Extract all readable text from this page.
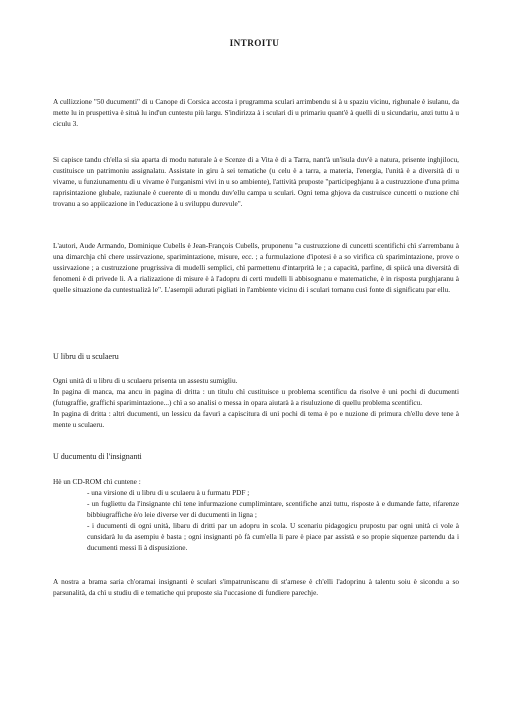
INTROITU

A cullizzione "50 ducumenti" di u Canope di Corsica accosta i prugramma sculari arrimbendu si à u spaziu vicinu, righunale è isulanu, da mette lu in pruspettiva è situà lu ind'un cuntestu più largu. S'indirizza à i sculari di u primariu quant'è à quelli di u sicundariu, anzi tuttu à u ciculu 3.

Si capisce tandu ch'ella si sia aparta di modu naturale à e Scenze di a Vita è di a Tarra, nant'à un'isula duv'è a natura, prisente inghjilocu, custituisce un patrimoniu assignalatu. Assistate in giru à sei tematiche (u celu è a tarra, a materia, l'energia, l'unità è a diversità di u vivame, u funziunamentu di u vivame è l'urganismi vivi in u so ambiente), l'attività pruposte "participeghjanu à a custruzzione d'una prima raprisintazione glubale, raziunale è cuerente di u mondu duv'ellu campa u sculari. Ogni tema ghjova da custruisce cuncetti o nuzione chì trovanu a so appiicazione in l'educazione à u sviluppu durevule".

L'autori, Aude Armando, Dominique Cubells è Jean-François Cubells, pruponenu "a custruzzione di cuncetti scentifichi chì s'arrembanu à una dimarchja chì chere ussirvazione, sparimintazione, misure, ecc. ; a furmulazione d'ipotesi è a so virifica cù sparimintazione, prove o ussirvazione ; a custruzzione prugrissiva di mudelli semplici, chì parmettenu d'intarprità le ; a capacità, parfine, di spiicà una diversità di fenomeni è di privede li. A a rializazione di misure è à l'adopru di certi mudelli li abbisognanu e matematiche, è in risposta purghjaranu à quelle situazione da cuntestualizà le". L'asempii adurati pigliati in l'ambiente vicinu di i sculari tornanu cusì fonte di significatu par ellu.

U libru di u sculaeru

Ogni unità di u libru di u sculaeru prisenta un assestu sumigliu.
In pagina di manca, ma ancu in pagina di dritta : un titulu chì custituisce u problema scentificu da risolve è uni pochi di ducumenti (futugraffie, graffichi sparimintazione...) chì a so analisi o messa in opara aiutarà à a risuluzione di quellu problema scentificu.
In pagina di dritta : altri ducumenti, un lessicu da favurì a capiscitura di uni pochi di tema è po e nuzione di primura ch'ellu deve tene à mente u sculaeru.

U ducumentu di l'insignanti

Hè un CD-ROM chì cuntene :
- una virsione di u libru di u sculaeru à u furmatu PDF ;
- un fugliettu da l'insignante chì tene infurmazione cumplimintare, scentifiche anzi tuttu, risposte à e dumande fatte, rifarenze bibbiugraffiche è/o leie diverse ver di ducumenti in ligna ;
- i ducumenti di ogni unità, libaru di dritti par un adopru in scola. U scenariu pidagogicu prupostu par ogni unità ci vole à cunsidarà lu da asempiu è basta ; ogni insignanti pò fà cum'ella li pare è piace par assistà e so propie siquenze partendu da i ducumenti messi lì à dispusizione.

A nostra a brama saria ch'oramai insignanti è sculari s'impatruniscanu di st'arnese è ch'elli l'adoprinu à talentu soiu è sicondu a so parsunalità, da chì u studiu di e tematiche qui pruposte sia l'uccasione di fundiere parechje.
